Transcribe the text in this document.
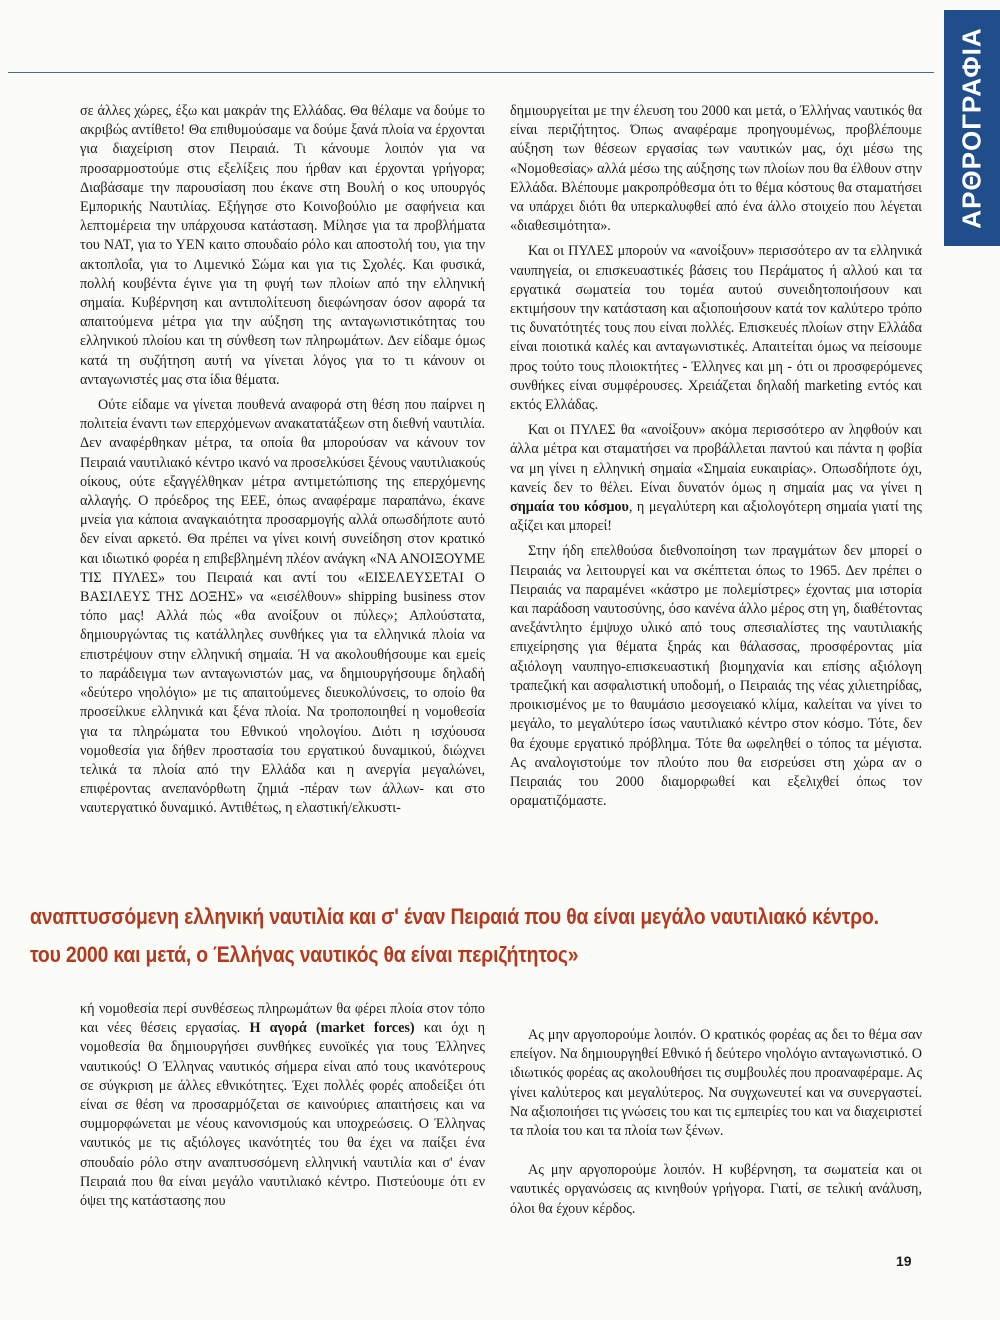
ΑΡΘΡΟΓΡΑΦΙΑ

σε άλλες χώρες, έξω και μακράν της Ελλάδας. Θα θέλαμε να δούμε το ακριβώς αντίθετο! Θα επιθυμούσαμε να δούμε ξανά πλοία να έρχονται για διαχείριση στον Πειραιά. Τι κάνουμε λοιπόν για να προσαρμοστούμε στις εξελίξεις που ήρθαν και έρχονται γρήγορα; Διαβάσαμε την παρουσίαση που έκανε στη Βουλή ο κος υπουργός Εμπορικής Ναυτιλίας. Εξήγησε στο Κοινοβούλιο με σαφήνεια και λεπτομέρεια την υπάρχουσα κατάσταση. Μίλησε για τα προβλήματα του ΝΑΤ, για το ΥΕΝ καιτο σπουδαίο ρόλο και αποστολή του, για την ακτοπλοΐα, για το Λιμενικό Σώμα και για τις Σχολές. Και φυσικά, πολλή κουβέντα έγινε για τη φυγή των πλοίων από την ελληνική σημαία. Κυβέρνηση και αντιπολίτευση διεφώνησαν όσον αφορά τα απαιτούμενα μέτρα για την αύξηση της ανταγωνιστικότητας του ελληνικού πλοίου και τη σύνθεση των πληρωμάτων. Δεν είδαμε όμως κατά τη συζήτηση αυτή να γίνεται λόγος για το τι κάνουν οι ανταγωνιστές μας στα ίδια θέματα.

Ούτε είδαμε να γίνεται πουθενά αναφορά στη θέση που παίρνει η πολιτεία έναντι των επερχόμενων ανακατατάξεων στη διεθνή ναυτιλία. Δεν αναφέρθηκαν μέτρα, τα οποία θα μπορούσαν να κάνουν τον Πειραιά ναυτιλιακό κέντρο ικανό να προσελκύσει ξένους ναυτιλιακούς οίκους, ούτε εξαγγέλθηκαν μέτρα αντιμετώπισης της επερχόμενης αλλαγής. Ο πρόεδρος της ΕΕΕ, όπως αναφέραμε παραπάνω, έκανε μνεία για κάποια αναγκαιότητα προσαρμογής αλλά οπωσδήποτε αυτό δεν είναι αρκετό. Θα πρέπει να γίνει κοινή συνείδηση στον κρατικό και ιδιωτικό φορέα η επιβεβλημένη πλέον ανάγκη «ΝΑ ΑΝΟΙΞΟΥΜΕ ΤΙΣ ΠΥΛΕΣ» του Πειραιά και αντί του «ΕΙΣΕΛΕΥΣΕΤΑΙ Ο ΒΑΣΙΛΕΥΣ ΤΗΣ ΔΟΞΗΣ» να «εισέλθουν» shipping business στον τόπο μας! Αλλά πώς «θα ανοίξουν οι πύλες»; Απλούστατα, δημιουργώντας τις κατάλληλες συνθήκες για τα ελληνικά πλοία να επιστρέψουν στην ελληνική σημαία. Ή να ακολουθήσουμε και εμείς το παράδειγμα των ανταγωνιστών μας, να δημιουργήσουμε δηλαδή «δεύτερο νηολόγιο» με τις απαιτούμενες διευκολύνσεις, το οποίο θα προσείλκυε ελληνικά και ξένα πλοία. Να τροποποιηθεί η νομοθεσία για τα πληρώματα του Εθνικού νηολογίου. Διότι η ισχύουσα νομοθεσία για δήθεν προστασία του εργατικού δυναμικού, διώχνει τελικά τα πλοία από την Ελλάδα και η ανεργία μεγαλώνει, επιφέροντας ανεπανόρθωτη ζημιά -πέραν των άλλων- και στο ναυτεργατικό δυναμικό. Αντιθέτως, η ελαστική/ελκυστι-

δημιουργείται με την έλευση του 2000 και μετά, ο Έλλήνας ναυτικός θα είναι περιζήτητος. Όπως αναφέραμε προηγουμένως, προβλέπουμε αύξηση των θέσεων εργασίας των ναυτικών μας, όχι μέσω της «Νομοθεσίας» αλλά μέσω της αύξησης των πλοίων που θα έλθουν στην Ελλάδα. Βλέπουμε μακροπρόθεσμα ότι το θέμα κόστους θα σταματήσει να υπάρχει διότι θα υπερκαλυφθεί από ένα άλλο στοιχείο που λέγεται «διαθεσιμότητα».

Και οι ΠΥΛΕΣ μπορούν να «ανοίξουν» περισσότερο αν τα ελληνικά ναυπηγεία, οι επισκευαστικές βάσεις του Περάματος ή αλλού και τα εργατικά σωματεία του τομέα αυτού συνειδητοποιήσουν και εκτιμήσουν την κατάσταση και αξιοποιήσουν κατά τον καλύτερο τρόπο τις δυνατότητές τους που είναι πολλές. Επισκευές πλοίων στην Ελλάδα είναι ποιοτικά καλές και ανταγωνιστικές. Απαιτείται όμως να πείσουμε προς τούτο τους πλοιοκτήτες - Έλληνες και μη - ότι οι προσφερόμενες συνθήκες είναι συμφέρουσες. Χρειάζεται δηλαδή marketing εντός και εκτός Ελλάδας.

Και οι ΠΥΛΕΣ θα «ανοίξουν» ακόμα περισσότερο αν ληφθούν και άλλα μέτρα και σταματήσει να προβάλλεται παντού και πάντα η φοβία να μη γίνει η ελληνική σημαία «Σημαία ευκαιρίας». Οπωσδήποτε όχι, κανείς δεν το θέλει. Είναι δυνατόν όμως η σημαία μας να γίνει η σημαία του κόσμου, η μεγαλύτερη και αξιολογότερη σημαία γιατί της αξίζει και μπορεί!

Στην ήδη επελθούσα διεθνοποίηση των πραγμάτων δεν μπορεί ο Πειραιάς να λειτουργεί και να σκέπτεται όπως το 1965. Δεν πρέπει ο Πειραιάς να παραμένει «κάστρο με πολεμίστρες» έχοντας μια ιστορία και παράδοση ναυτοσύνης, όσο κανένα άλλο μέρος στη γη, διαθέτοντας ανεξάντλητο έμψυχο υλικό από τους σπεσιαλίστες της ναυτιλιακής επιχείρησης για θέματα ξηράς και θάλασσας, προσφέροντας μία αξιόλογη ναυπηγο-επισκευαστική βιομηχανία και επίσης αξιόλογη τραπεζική και ασφαλιστική υποδομή, ο Πειραιάς της νέας χιλιετηρίδας, προικισμένος με το θαυμάσιο μεσογειακό κλίμα, καλείται να γίνει το μεγάλο, το μεγαλύτερο ίσως ναυτιλιακό κέντρο στον κόσμο. Τότε, δεν θα έχουμε εργατικό πρόβλημα. Τότε θα ωφεληθεί ο τόπος τα μέγιστα. Ας αναλογιστούμε τον πλούτο που θα εισρεύσει στη χώρα αν ο Πειραιάς του 2000 διαμορφωθεί και εξελιχθεί όπως τον οραματιζόμαστε.

αναπτυσσόμενη ελληνική ναυτιλία και σ' έναν Πειραιά που θα είναι μεγάλο ναυτιλιακό κέντρο.
του 2000 και μετά, ο Έλλήνας ναυτικός θα είναι περιζήτητος»

κή νομοθεσία περί συνθέσεως πληρωμάτων θα φέρει πλοία στον τόπο και νέες θέσεις εργασίας. Η αγορά (market forces) και όχι η νομοθεσία θα δημιουργήσει συνθήκες ευνοϊκές για τους Έλληνες ναυτικούς! Ο Έλληνας ναυτικός σήμερα είναι από τους ικανότερους σε σύγκριση με άλλες εθνικότητες. Έχει πολλές φορές αποδείξει ότι είναι σε θέση να προσαρμόζεται σε καινούριες απαιτήσεις και να συμμορφώνεται με νέους κανονισμούς και υποχρεώσεις. Ο Έλληνας ναυτικός με τις αξιόλογες ικανότητές του θα έχει να παίξει ένα σπουδαίο ρόλο στην αναπτυσσόμενη ελληνική ναυτιλία και σ' έναν Πειραιά που θα είναι μεγάλο ναυτιλιακό κέντρο. Πιστεύουμε ότι εν όψει της κατάστασης που

Ας μην αργοπορούμε λοιπόν. Ο κρατικός φορέας ας δει το θέμα σαν επείγον. Να δημιουργηθεί Εθνικό ή δεύτερο νηολόγιο ανταγωνιστικό. Ο ιδιωτικός φορέας ας ακολουθήσει τις συμβουλές που προαναφέραμε. Ας γίνει καλύτερος και μεγαλύτερος. Να συγχωνευτεί και να συνεργαστεί. Να αξιοποιήσει τις γνώσεις του και τις εμπειρίες του και να διαχειριστεί τα πλοία του και τα πλοία των ξένων.

Ας μην αργοπορούμε λοιπόν. Η κυβέρνηση, τα σωματεία και οι ναυτικές οργανώσεις ας κινηθούν γρήγορα. Γιατί, σε τελική ανάλυση, όλοι θα έχουν κέρδος.

19
